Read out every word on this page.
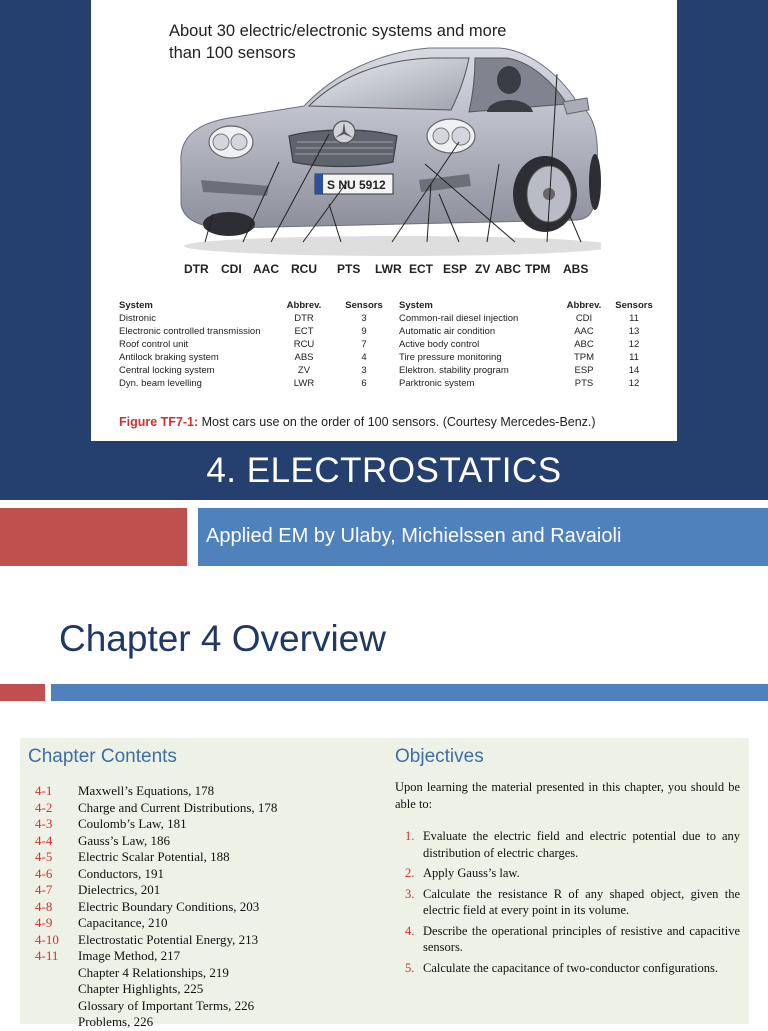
About 30 electric/electronic systems and more than 100 sensors
S NU 5912
DTR CDI AAC RCU PTS LWR ECT ESP ZV ABC TPM ABS
System	Abbrev.	Sensors	System	Abbrev.	Sensors
Distronic	DTR	3	Common-rail diesel injection	CDI	11
Electronic controlled transmission	ECT	9	Automatic air condition	AAC	13
Roof control unit	RCU	7	Active body control	ABC	12
Antilock braking system	ABS	4	Tire pressure monitoring	TPM	11
Central locking system	ZV	3	Elektron. stability program	ESP	14
Dyn. beam levelling	LWR	6	Parktronic system	PTS	12
Figure TF7-1: Most cars use on the order of 100 sensors. (Courtesy Mercedes-Benz.)
4. ELECTROSTATICS
Applied EM by Ulaby, Michielssen and Ravaioli
Chapter 4 Overview
Chapter Contents	Objectives
4-1 Maxwell’s Equations, 178
4-2 Charge and Current Distributions, 178
4-3 Coulomb’s Law, 181
4-4 Gauss’s Law, 186
4-5 Electric Scalar Potential, 188
4-6 Conductors, 191
4-7 Dielectrics, 201
4-8 Electric Boundary Conditions, 203
4-9 Capacitance, 210
4-10 Electrostatic Potential Energy, 213
4-11 Image Method, 217
Chapter 4 Relationships, 219
Chapter Highlights, 225
Glossary of Important Terms, 226
Problems, 226
Upon learning the material presented in this chapter, you should be able to:
1. Evaluate the electric field and electric potential due to any distribution of electric charges.
2. Apply Gauss’s law.
3. Calculate the resistance R of any shaped object, given the electric field at every point in its volume.
4. Describe the operational principles of resistive and capacitive sensors.
5. Calculate the capacitance of two-conductor configurations.
